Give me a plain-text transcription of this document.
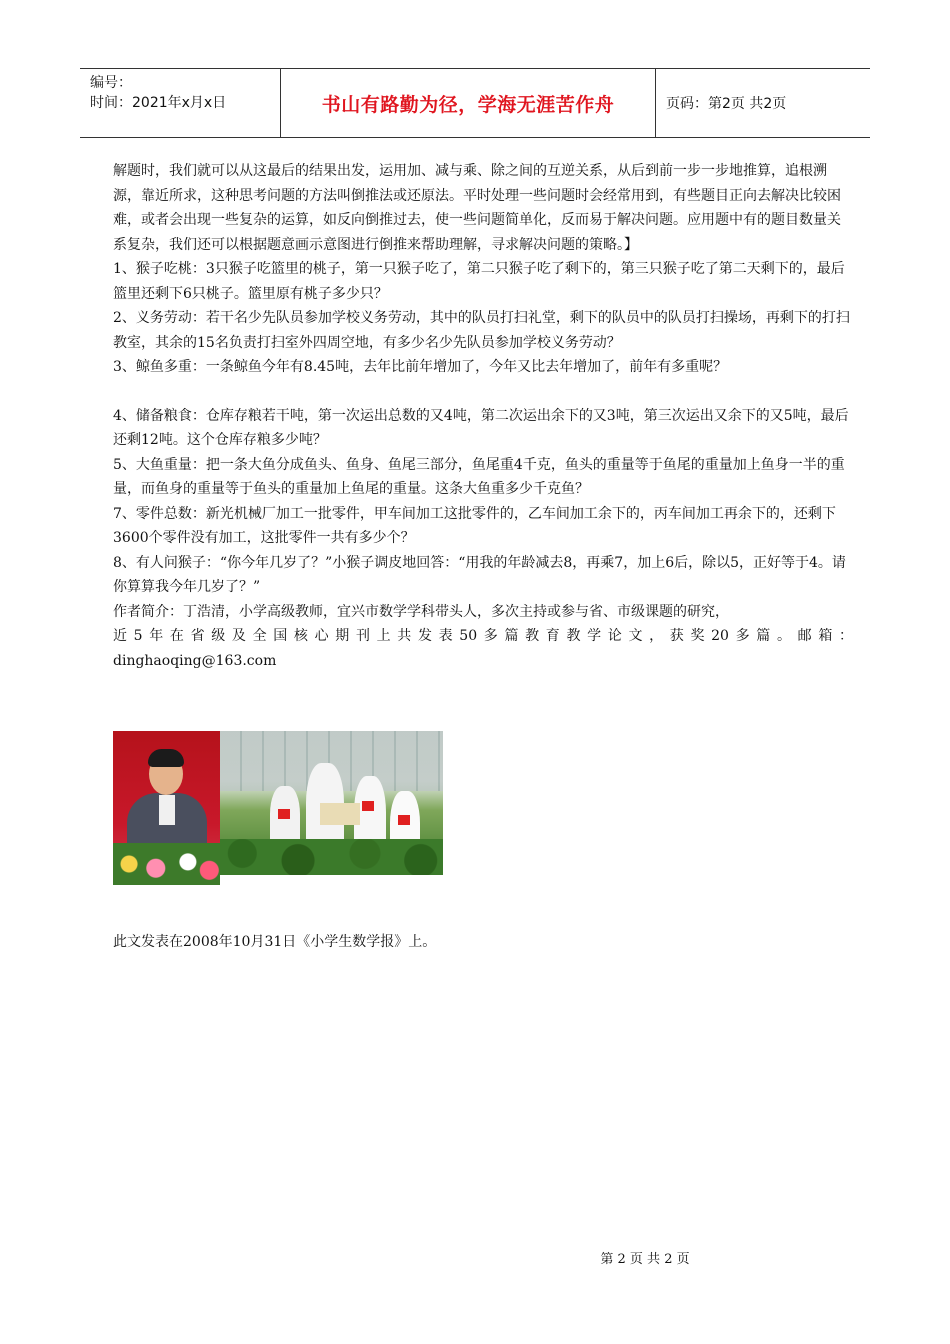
编号：
时间：2021年x月x日	书山有路勤为径，学海无涯苦作舟	页码：第2页 共2页

解题时，我们就可以从这最后的结果出发，运用加、减与乘、除之间的互逆关系，从后到前一步一步地推算，追根溯源，靠近所求，这种思考问题的方法叫倒推法或还原法。平时处理一些问题时会经常用到，有些题目正向去解决比较困难，或者会出现一些复杂的运算，如反向倒推过去，使一些问题简单化，反而易于解决问题。应用题中有的题目数量关系复杂，我们还可以根据题意画示意图进行倒推来帮助理解，寻求解决问题的策略。】

1、猴子吃桃：3只猴子吃篮里的桃子，第一只猴子吃了，第二只猴子吃了剩下的，第三只猴子吃了第二天剩下的，最后篮里还剩下6只桃子。篮里原有桃子多少只？

2、义务劳动：若干名少先队员参加学校义务劳动，其中的队员打扫礼堂，剩下的队员中的队员打扫操场，再剩下的打扫教室，其余的15名负责打扫室外四周空地，有多少名少先队员参加学校义务劳动？

3、鲸鱼多重：一条鲸鱼今年有8.45吨，去年比前年增加了，今年又比去年增加了，前年有多重呢？

4、储备粮食：仓库存粮若干吨，第一次运出总数的又4吨，第二次运出余下的又3吨，第三次运出又余下的又5吨，最后还剩12吨。这个仓库存粮多少吨？

5、大鱼重量：把一条大鱼分成鱼头、鱼身、鱼尾三部分，鱼尾重4千克，鱼头的重量等于鱼尾的重量加上鱼身一半的重量，而鱼身的重量等于鱼头的重量加上鱼尾的重量。这条大鱼重多少千克鱼？

7、零件总数：新光机械厂加工一批零件，甲车间加工这批零件的，乙车间加工余下的，丙车间加工再余下的，还剩下3600个零件没有加工，这批零件一共有多少个？

8、有人问猴子：“你今年几岁了？”小猴子调皮地回答：“用我的年龄减去8，再乘7，加上6后，除以5，正好等于4。请你算算我今年几岁了？”

作者简介：丁浩清，小学高级教师，宜兴市数学学科带头人，多次主持或参与省、市级课题的研究，

近5年在省级及全国核心期刊上共发表50多篇教育教学论文，获奖20多篇。邮箱：

dinghaoqing@163.com

此文发表在2008年10月31日《小学生数学报》上。
第 2 页 共 2 页
